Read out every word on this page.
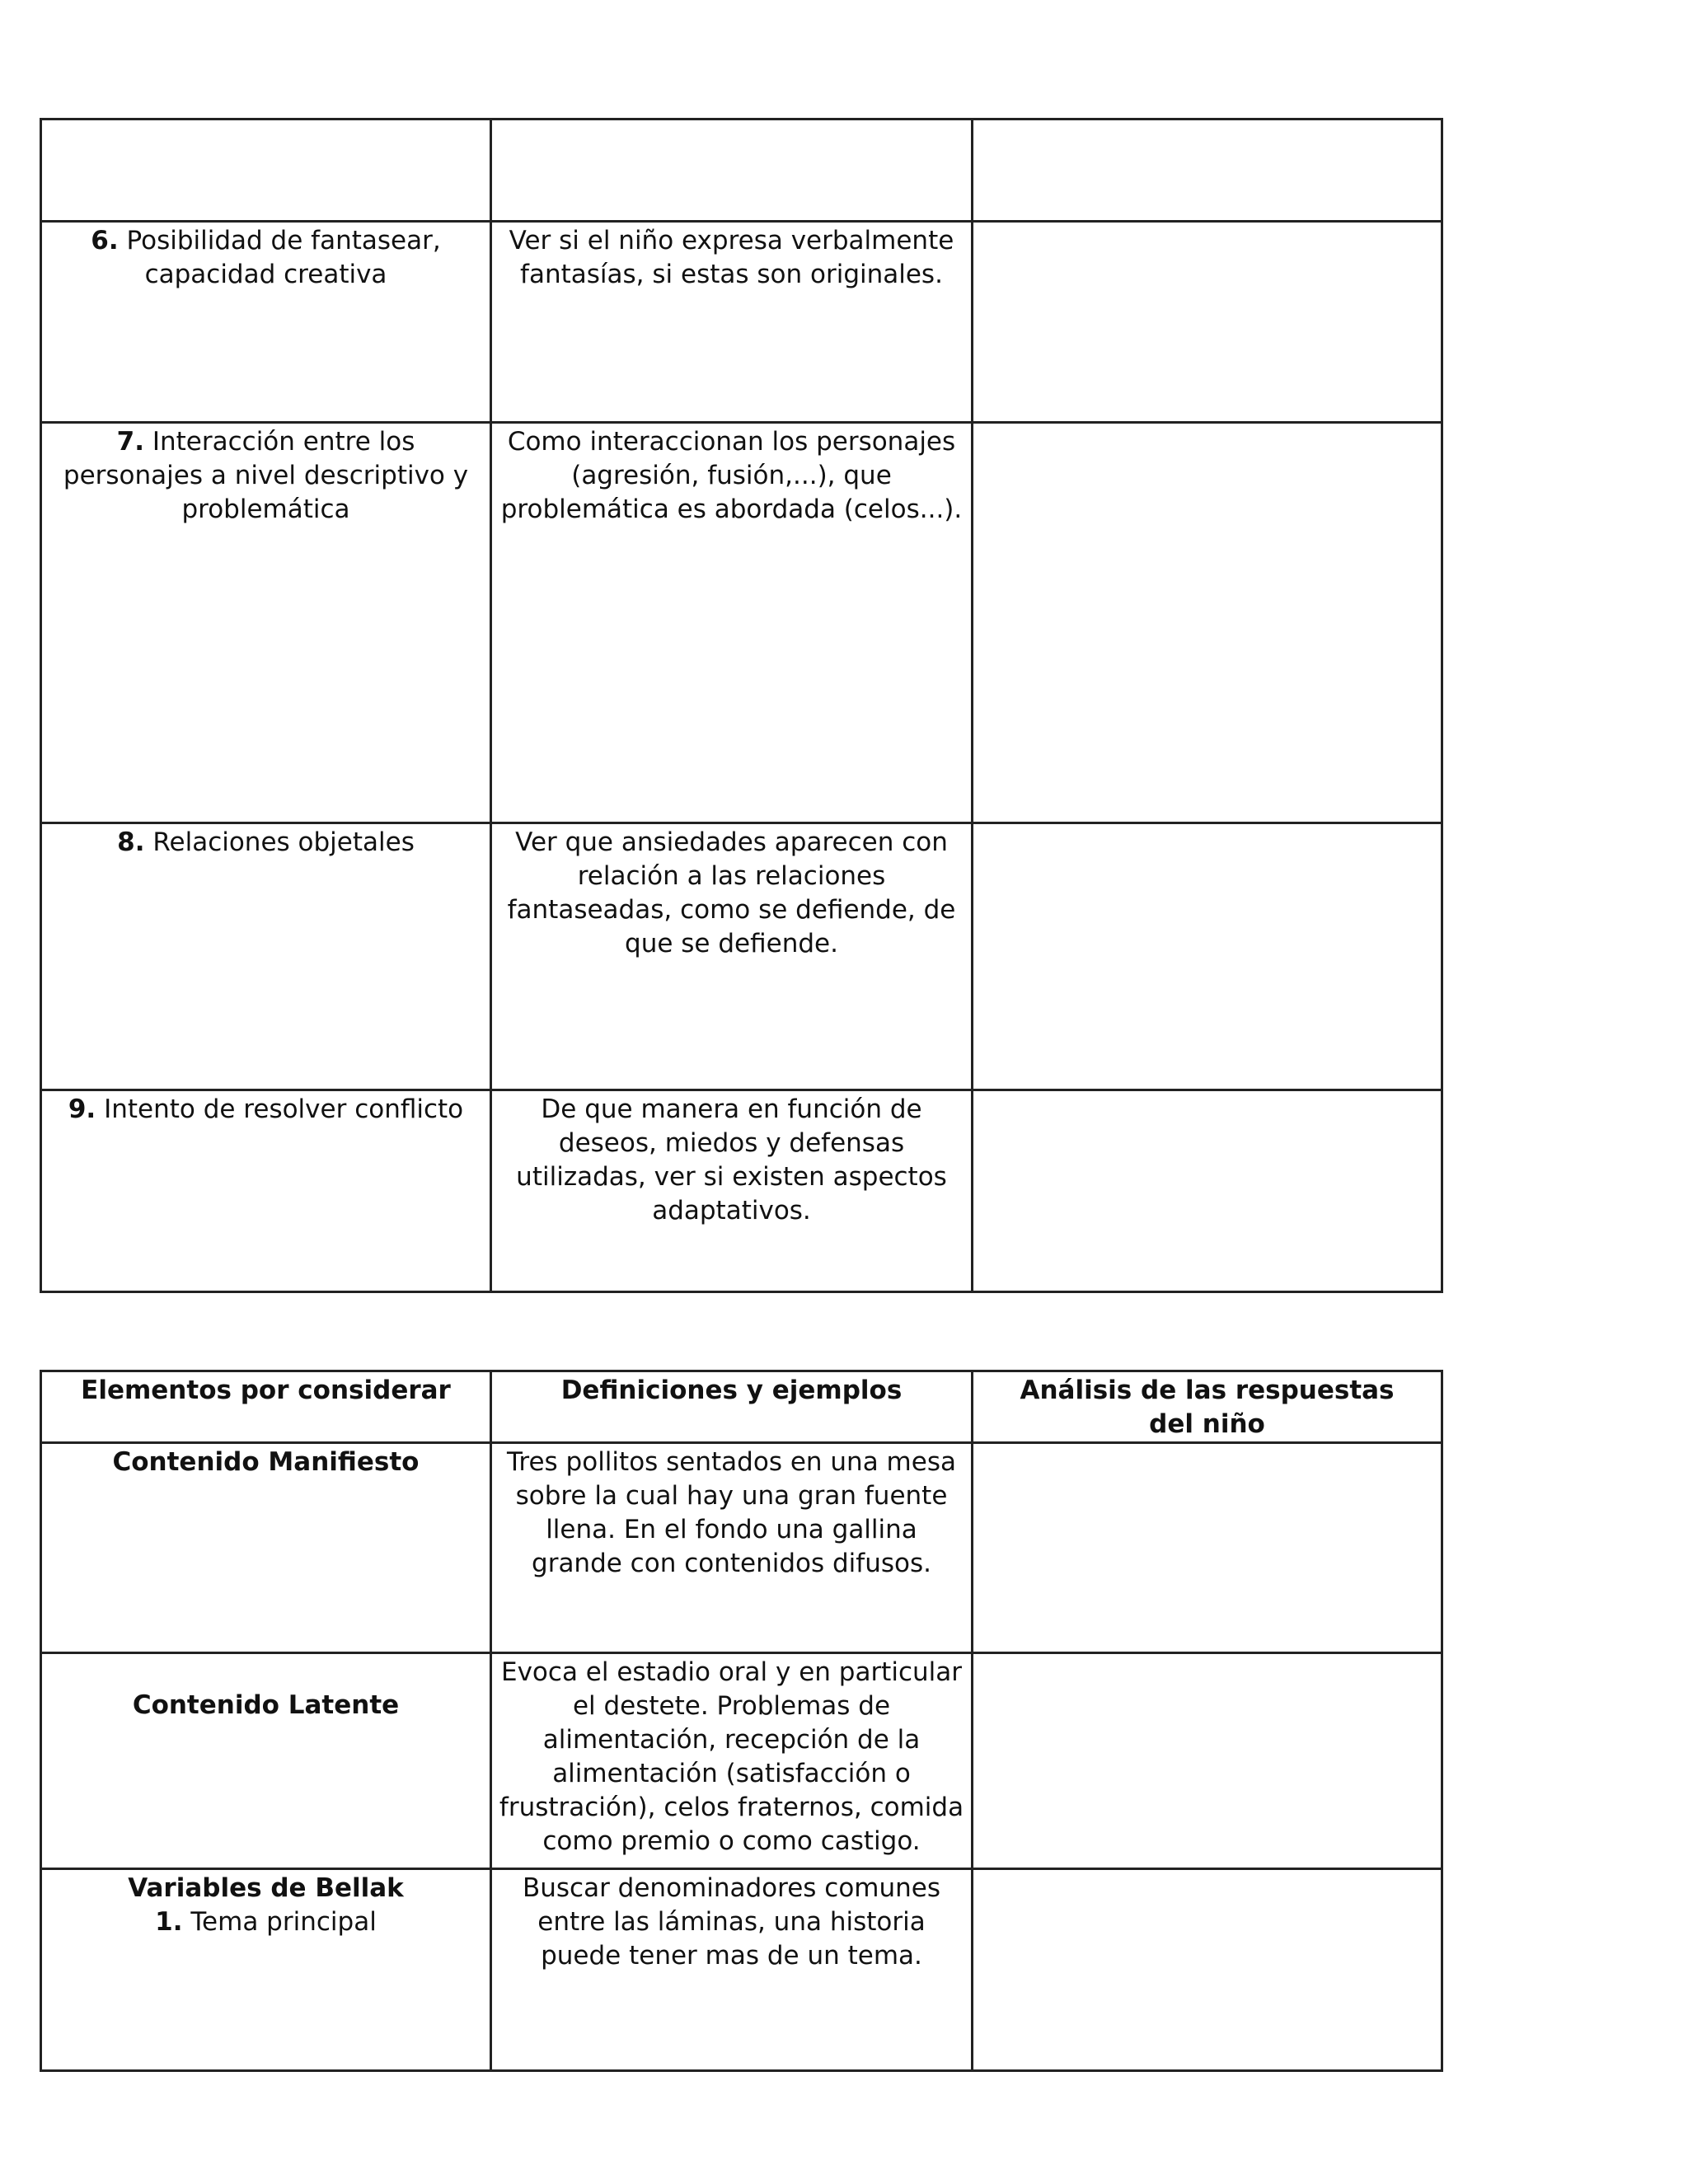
6. Posibilidad de fantasear, capacidad creativa	Ver si el niño expresa verbalmente fantasías, si estas son originales.	
7. Interacción entre los personajes a nivel descriptivo y problemática	Como interaccionan los personajes (agresión, fusión,...), que problemática es abordada (celos...).	
8. Relaciones objetales	Ver que ansiedades aparecen con relación a las relaciones fantaseadas, como se defiende, de que se defiende.	
9. Intento de resolver conflicto	De que manera en función de deseos, miedos y defensas utilizadas, ver si existen aspectos adaptativos.	
Elementos por considerar	Definiciones y ejemplos	Análisis de las respuestas del niño
Contenido Manifiesto	Tres pollitos sentados en una mesa sobre la cual hay una gran fuente llena. En el fondo una gallina grande con contenidos difusos.	
Contenido Latente	Evoca el estadio oral y en particular el destete. Problemas de alimentación, recepción de la alimentación (satisfacción o frustración), celos fraternos, comida como premio o como castigo.	

Variables de Bellak
1. Tema principal	Buscar denominadores comunes entre las láminas, una historia puede tener mas de un tema.	
